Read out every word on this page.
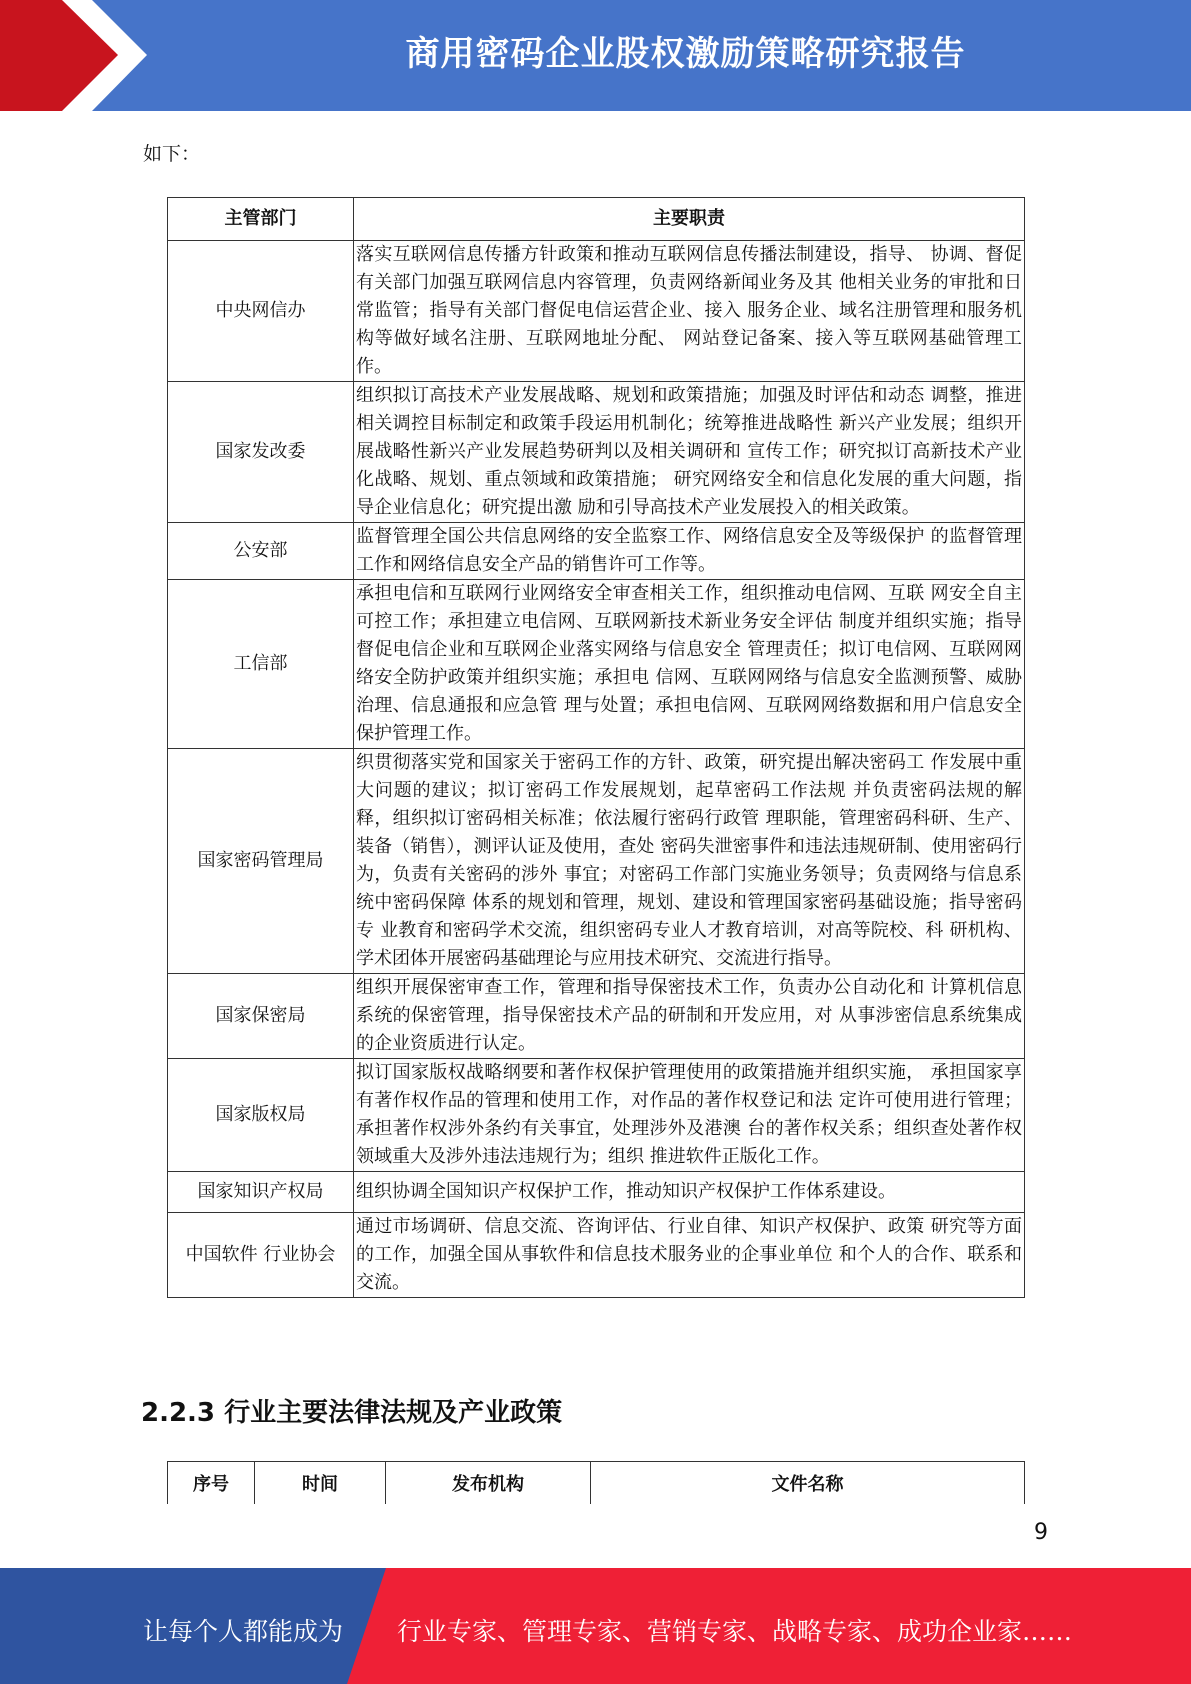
商用密码企业股权激励策略研究报告
如下：
主管部门	主要职责
中央网信办	落实互联网信息传播方针政策和推动互联网信息传播法制建设，指导、 协调、督促有关部门加强互联网信息内容管理，负责网络新闻业务及其 他相关业务的审批和日常监管；指导有关部门督促电信运营企业、接入 服务企业、域名注册管理和服务机构等做好域名注册、互联网地址分配、 网站登记备案、接入等互联网基础管理工作。
国家发改委	组织拟订高技术产业发展战略、规划和政策措施；加强及时评估和动态 调整，推进相关调控目标制定和政策手段运用机制化；统筹推进战略性 新兴产业发展；组织开展战略性新兴产业发展趋势研判以及相关调研和 宣传工作；研究拟订高新技术产业化战略、规划、重点领域和政策措施； 研究网络安全和信息化发展的重大问题，指导企业信息化；研究提出激 励和引导高技术产业发展投入的相关政策。
公安部	监督管理全国公共信息网络的安全监察工作、网络信息安全及等级保护 的监督管理工作和网络信息安全产品的销售许可工作等。
工信部	承担电信和互联网行业网络安全审查相关工作，组织推动电信网、互联 网安全自主可控工作；承担建立电信网、互联网新技术新业务安全评估 制度并组织实施；指导督促电信企业和互联网企业落实网络与信息安全 管理责任；拟订电信网、互联网网络安全防护政策并组织实施；承担电 信网、互联网网络与信息安全监测预警、威胁治理、信息通报和应急管 理与处置；承担电信网、互联网网络数据和用户信息安全保护管理工作。
国家密码管理局	织贯彻落实党和国家关于密码工作的方针、政策，研究提出解决密码工 作发展中重大问题的建议；拟订密码工作发展规划，起草密码工作法规 并负责密码法规的解释，组织拟订密码相关标准；依法履行密码行政管 理职能，管理密码科研、生产、装备（销售），测评认证及使用，查处 密码失泄密事件和违法违规研制、使用密码行为，负责有关密码的涉外 事宜；对密码工作部门实施业务领导；负责网络与信息系统中密码保障 体系的规划和管理，规划、建设和管理国家密码基础设施；指导密码专 业教育和密码学术交流，组织密码专业人才教育培训，对高等院校、科 研机构、学术团体开展密码基础理论与应用技术研究、交流进行指导。
国家保密局	组织开展保密审查工作，管理和指导保密技术工作，负责办公自动化和 计算机信息系统的保密管理，指导保密技术产品的研制和开发应用，对 从事涉密信息系统集成的企业资质进行认定。
国家版权局	拟订国家版权战略纲要和著作权保护管理使用的政策措施并组织实施， 承担国家享有著作权作品的管理和使用工作，对作品的著作权登记和法 定许可使用进行管理；承担著作权涉外条约有关事宜，处理涉外及港澳 台的著作权关系；组织查处著作权领域重大及涉外违法违规行为；组织 推进软件正版化工作。
国家知识产权局	组织协调全国知识产权保护工作，推动知识产权保护工作体系建设。
中国软件 行业协会	通过市场调研、信息交流、咨询评估、行业自律、知识产权保护、政策 研究等方面的工作，加强全国从事软件和信息技术服务业的企事业单位 和个人的合作、联系和交流。
2.2.3 行业主要法律法规及产业政策
序号	时间	发布机构	文件名称
9
让每个人都能成为 行业专家、管理专家、营销专家、战略专家、成功企业家……
